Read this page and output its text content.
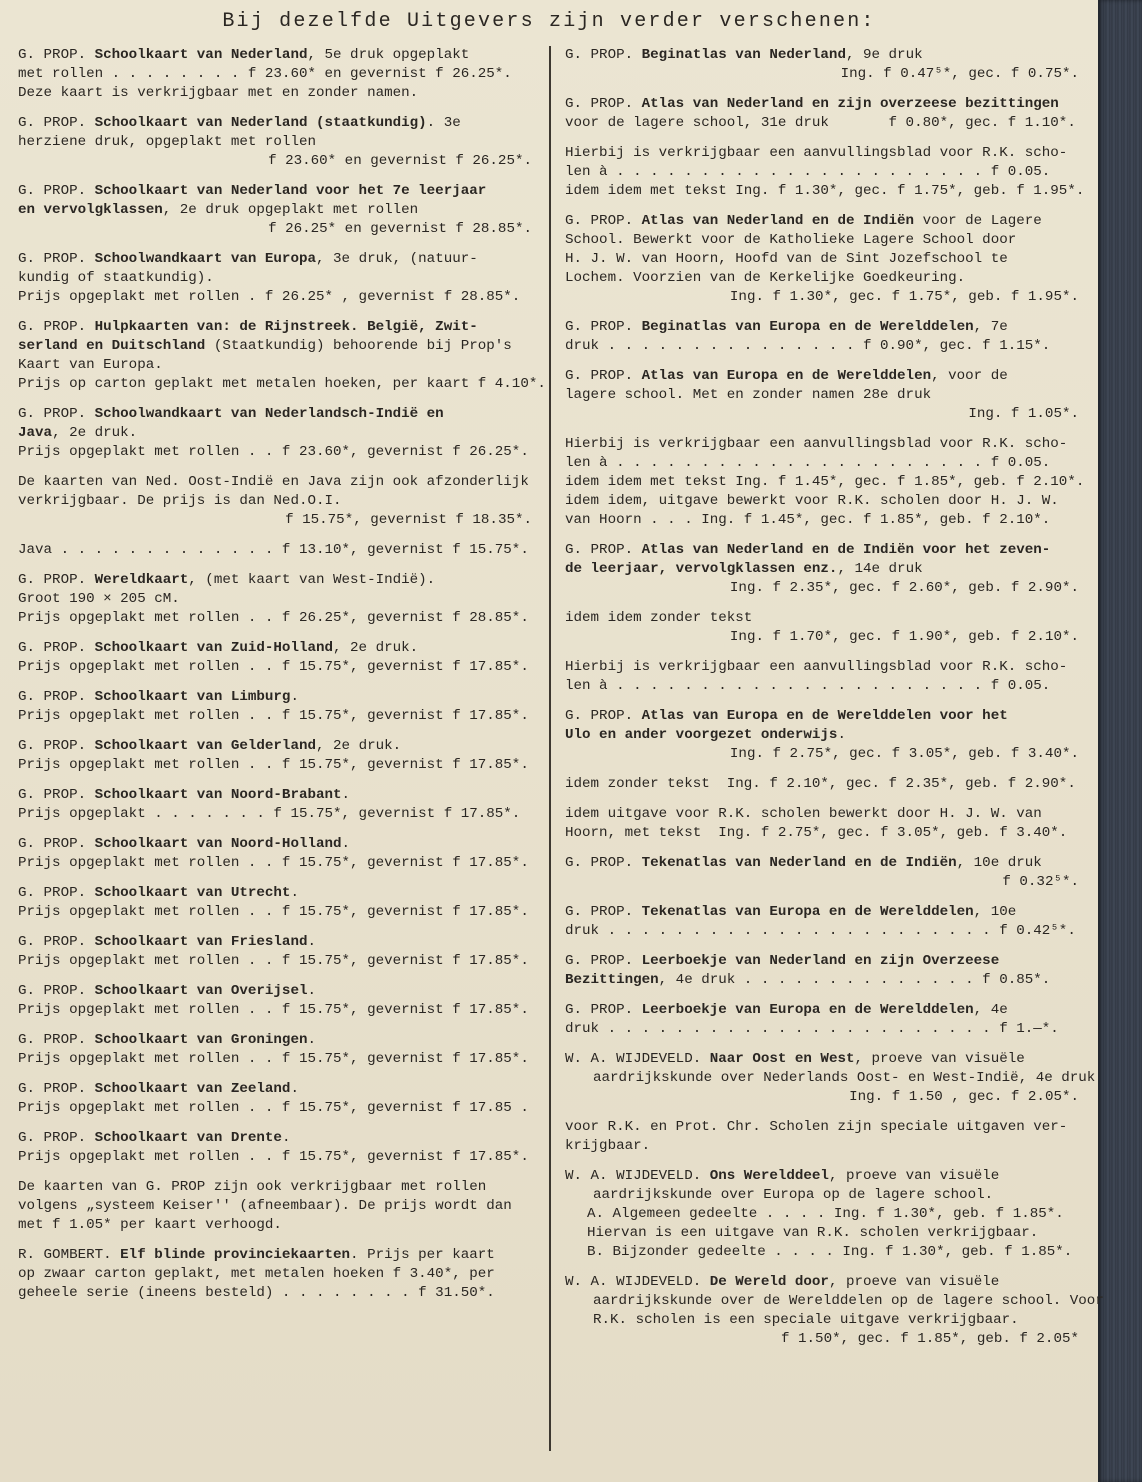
Bij dezelfde Uitgevers zijn verder verschenen:
G. PROP. Schoolkaart van Nederland, 5e druk opgeplakt
met rollen . . . . . . . . f 23.60* en gevernist f 26.25*.
Deze kaart is verkrijgbaar met en zonder namen.
G. PROP. Schoolkaart van Nederland (staatkundig). 3e
herziene druk, opgeplakt met rollen
f 23.60* en gevernist f 26.25*.
G. PROP. Schoolkaart van Nederland voor het 7e leerjaar
en vervolgklassen, 2e druk opgeplakt met rollen
f 26.25* en gevernist f 28.85*.
G. PROP. Schoolwandkaart van Europa, 3e druk, (natuur-
kundig of staatkundig).
Prijs opgeplakt met rollen . f 26.25* , gevernist f 28.85*.
G. PROP. Hulpkaarten van: de Rijnstreek. België, Zwit-
serland en Duitschland (Staatkundig) behoorende bij Prop's
Kaart van Europa.
Prijs op carton geplakt met metalen hoeken, per kaart f 4.10*.
G. PROP. Schoolwandkaart van Nederlandsch-Indië en
Java, 2e druk.
Prijs opgeplakt met rollen . . f 23.60*, gevernist f 26.25*.
De kaarten van Ned. Oost-Indië en Java zijn ook afzonderlijk
verkrijgbaar. De prijs is dan Ned.O.I.
f 15.75*, gevernist f 18.35*.
Java . . . . . . . . . . . . . f 13.10*, gevernist f 15.75*.
G. PROP. Wereldkaart, (met kaart van West-Indië).
Groot 190 × 205 cM.
Prijs opgeplakt met rollen . . f 26.25*, gevernist f 28.85*.
G. PROP. Schoolkaart van Zuid-Holland, 2e druk.
Prijs opgeplakt met rollen . . f 15.75*, gevernist f 17.85*.
G. PROP. Schoolkaart van Limburg.
Prijs opgeplakt met rollen . . f 15.75*, gevernist f 17.85*.
G. PROP. Schoolkaart van Gelderland, 2e druk.
Prijs opgeplakt met rollen . . f 15.75*, gevernist f 17.85*.
G. PROP. Schoolkaart van Noord-Brabant.
Prijs opgeplakt . . . . . . . f 15.75*, gevernist f 17.85*.
G. PROP. Schoolkaart van Noord-Holland.
Prijs opgeplakt met rollen . . f 15.75*, gevernist f 17.85*.
G. PROP. Schoolkaart van Utrecht.
Prijs opgeplakt met rollen . . f 15.75*, gevernist f 17.85*.
G. PROP. Schoolkaart van Friesland.
Prijs opgeplakt met rollen . . f 15.75*, gevernist f 17.85*.
G. PROP. Schoolkaart van Overijsel.
Prijs opgeplakt met rollen . . f 15.75*, gevernist f 17.85*.
G. PROP. Schoolkaart van Groningen.
Prijs opgeplakt met rollen . . f 15.75*, gevernist f 17.85*.
G. PROP. Schoolkaart van Zeeland.
Prijs opgeplakt met rollen . . f 15.75*, gevernist f 17.85 .
G. PROP. Schoolkaart van Drente.
Prijs opgeplakt met rollen . . f 15.75*, gevernist f 17.85*.
De kaarten van G. PROP zijn ook verkrijgbaar met rollen
volgens „systeem Keiser'' (afneembaar). De prijs wordt dan
met f 1.05* per kaart verhoogd.
R. GOMBERT. Elf blinde provinciekaarten. Prijs per kaart
op zwaar carton geplakt, met metalen hoeken f 3.40*, per
geheele serie (ineens besteld) . . . . . . . . f 31.50*.
G. PROP. Beginatlas van Nederland, 9e druk
Ing. f 0.47⁵*, gec. f 0.75*.
G. PROP. Atlas van Nederland en zijn overzeese bezittingen
voor de lagere school, 31e druk       f 0.80*, gec. f 1.10*.
Hierbij is verkrijgbaar een aanvullingsblad voor R.K. scho-
len à . . . . . . . . . . . . . . . . . . . . . . f 0.05.
idem idem met tekst Ing. f 1.30*, gec. f 1.75*, geb. f 1.95*.
G. PROP. Atlas van Nederland en de Indiën voor de Lagere
School. Bewerkt voor de Katholieke Lagere School door
H. J. W. van Hoorn, Hoofd van de Sint Jozefschool te
Lochem. Voorzien van de Kerkelijke Goedkeuring.
Ing. f 1.30*, gec. f 1.75*, geb. f 1.95*.
G. PROP. Beginatlas van Europa en de Werelddelen, 7e
druk . . . . . . . . . . . . . . . f 0.90*, gec. f 1.15*.
G. PROP. Atlas van Europa en de Werelddelen, voor de
lagere school. Met en zonder namen 28e druk
Ing. f 1.05*.
Hierbij is verkrijgbaar een aanvullingsblad voor R.K. scho-
len à . . . . . . . . . . . . . . . . . . . . . . f 0.05.
idem idem met tekst Ing. f 1.45*, gec. f 1.85*, geb. f 2.10*.
idem idem, uitgave bewerkt voor R.K. scholen door H. J. W.
van Hoorn . . . Ing. f 1.45*, gec. f 1.85*, geb. f 2.10*.
G. PROP. Atlas van Nederland en de Indiën voor het zeven-
de leerjaar, vervolgklassen enz., 14e druk
Ing. f 2.35*, gec. f 2.60*, geb. f 2.90*.
idem idem zonder tekst
Ing. f 1.70*, gec. f 1.90*, geb. f 2.10*.
Hierbij is verkrijgbaar een aanvullingsblad voor R.K. scho-
len à . . . . . . . . . . . . . . . . . . . . . . f 0.05.
G. PROP. Atlas van Europa en de Werelddelen voor het
Ulo en ander voorgezet onderwijs.
Ing. f 2.75*, gec. f 3.05*, geb. f 3.40*.
idem zonder tekst  Ing. f 2.10*, gec. f 2.35*, geb. f 2.90*.
idem uitgave voor R.K. scholen bewerkt door H. J. W. van
Hoorn, met tekst  Ing. f 2.75*, gec. f 3.05*, geb. f 3.40*.
G. PROP. Tekenatlas van Nederland en de Indiën, 10e druk
f 0.32⁵*.
G. PROP. Tekenatlas van Europa en de Werelddelen, 10e
druk . . . . . . . . . . . . . . . . . . . . . . . f 0.42⁵*.
G. PROP. Leerboekje van Nederland en zijn Overzeese
Bezittingen, 4e druk . . . . . . . . . . . . . . f 0.85*.
G. PROP. Leerboekje van Europa en de Werelddelen, 4e
druk . . . . . . . . . . . . . . . . . . . . . . . f 1.—*.
W. A. WIJDEVELD. Naar Oost en West, proeve van visuële
aardrijkskunde over Nederlands Oost- en West-Indië, 4e druk
Ing. f 1.50 , gec. f 2.05*.
voor R.K. en Prot. Chr. Scholen zijn speciale uitgaven ver-
krijgbaar.
W. A. WIJDEVELD. Ons Werelddeel, proeve van visuële
aardrijkskunde over Europa op de lagere school.
A. Algemeen gedeelte . . . . Ing. f 1.30*, geb. f 1.85*.
Hiervan is een uitgave van R.K. scholen verkrijgbaar.
B. Bijzonder gedeelte . . . . Ing. f 1.30*, geb. f 1.85*.
W. A. WIJDEVELD. De Wereld door, proeve van visuële
aardrijkskunde over de Werelddelen op de lagere school. Voor
R.K. scholen is een speciale uitgave verkrijgbaar.
f 1.50*, gec. f 1.85*, geb. f 2.05*
